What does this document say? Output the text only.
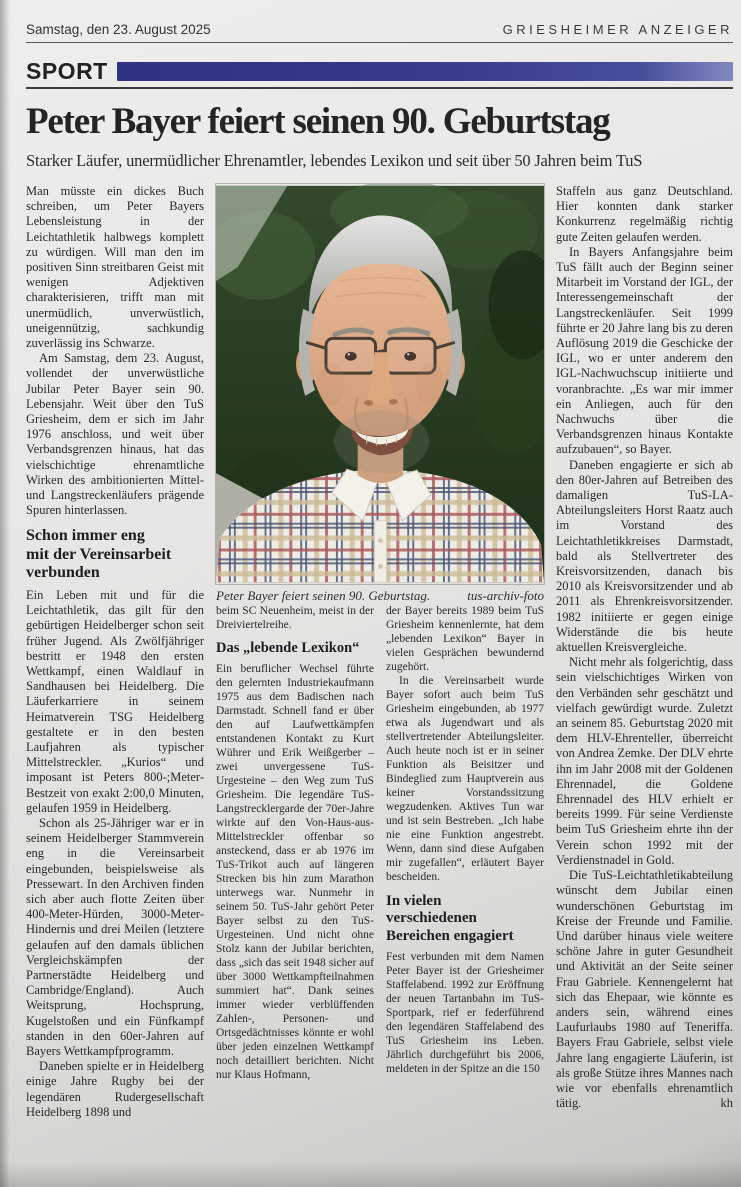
Samstag, den 23. August 2025	GRIESHEIMER ANZEIGER
SPORT
Peter Bayer feiert seinen 90. Geburtstag

Starker Läufer, unermüdlicher Ehrenamtler, lebendes Lexikon und seit über 50 Jahren beim TuS

Man müsste ein dickes Buch schreiben, um Peter Bayers Lebensleistung in der Leichtathletik halbwegs komplett zu würdigen. Will man den im positiven Sinn streitbaren Geist mit wenigen Adjektiven charakterisieren, trifft man mit unermüdlich, unverwüstlich, uneigennützig, sachkundig zuverlässig ins Schwarze.

Am Samstag, dem 23. August, vollendet der unverwüstliche Jubilar Peter Bayer sein 90. Lebensjahr. Weit über den TuS Griesheim, dem er sich im Jahr 1976 anschloss, und weit über Verbandsgrenzen hinaus, hat das vielschichtige ehrenamtliche Wirken des ambitionierten Mittel- und Langstreckenläufers prägende Spuren hinterlassen.

Schon immer eng
mit der Vereinsarbeit
verbunden

Ein Leben mit und für die Leichtathletik, das gilt für den gebürtigen Heidelberger schon seit früher Jugend. Als Zwölfjähriger bestritt er 1948 den ersten Wettkampf, einen Waldlauf in Sandhausen bei Heidelberg. Die Läuferkarriere in seinem Heimatverein TSG Heidelberg gestaltete er in den besten Laufjahren als typischer Mittelstreckler. „Kurios“ und imposant ist Peters 800-;Meter-Bestzeit von exakt 2:00,0 Minuten, gelaufen 1959 in Heidelberg.

Schon als 25-Jähriger war er in seinem Heidelberger Stammverein eng in die Vereinsarbeit eingebunden, beispielsweise als Pressewart. In den Archiven finden sich aber auch flotte Zeiten über 400-Meter-Hürden, 3000-Meter-Hindernis und drei Meilen (letztere gelaufen auf den damals üblichen Vergleichskämpfen der Partnerstädte Heidelberg und Cambridge/England). Auch Weitsprung, Hochsprung, Kugelstoßen und ein Fünfkampf standen in den 60er-Jahren auf Bayers Wettkampfprogramm.

Daneben spielte er in Heidelberg einige Jahre Rugby bei der legendären Rudergesellschaft Heidelberg 1898 und

Peter Bayer feiert seinen 90. Geburtstag.	tus-archiv-foto

beim SC Neuenheim, meist in der Dreiviertelreihe.

Das „lebende Lexikon“

Ein beruflicher Wechsel führte den gelernten Industriekaufmann 1975 aus dem Badischen nach Darmstadt. Schnell fand er über den auf Laufwettkämpfen entstandenen Kontakt zu Kurt Wührer und Erik Weißgerber – zwei unvergessene TuS-Urgesteine – den Weg zum TuS Griesheim. Die legendäre TuS-Langstrecklergarde der 70er-Jahre wirkte auf den Von-Haus-aus-Mittelstreckler offenbar so ansteckend, dass er ab 1976 im TuS-Trikot auch auf längeren Strecken bis hin zum Marathon unterwegs war. Nunmehr in seinem 50. TuS-Jahr gehört Peter Bayer selbst zu den TuS-Urgesteinen. Und nicht ohne Stolz kann der Jubilar berichten, dass „sich das seit 1948 sicher auf über 3000 Wettkampfteilnahmen summiert hat“. Dank seines immer wieder verblüffenden Zahlen-, Personen- und Ortsgedächtnisses könnte er wohl über jeden einzelnen Wettkampf noch detailliert berichten. Nicht nur Klaus Hofmann,

der Bayer bereits 1989 beim TuS Griesheim kennenlernte, hat dem „lebenden Lexikon“ Bayer in vielen Gesprächen bewundernd zugehört.

In die Vereinsarbeit wurde Bayer sofort auch beim TuS Griesheim eingebunden, ab 1977 etwa als Jugendwart und als stellvertretender Abteilungsleiter. Auch heute noch ist er in seiner Funktion als Beisitzer und Bindeglied zum Hauptverein aus keiner Vorstandssitzung wegzudenken. Aktives Tun war und ist sein Bestreben. „Ich habe nie eine Funktion angestrebt. Wenn, dann sind diese Aufgaben mir zugefallen“, erläutert Bayer bescheiden.

In vielen
verschiedenen
Bereichen engagiert

Fest verbunden mit dem Namen Peter Bayer ist der Griesheimer Staffelabend. 1992 zur Eröffnung der neuen Tartanbahn im TuS-Sportpark, rief er federführend den legendären Staffelabend des TuS Griesheim ins Leben. Jährlich durchgeführt bis 2006, meldeten in der Spitze an die 150

Staffeln aus ganz Deutschland. Hier konnten dank starker Konkurrenz regelmäßig richtig gute Zeiten gelaufen werden.

In Bayers Anfangsjahre beim TuS fällt auch der Beginn seiner Mitarbeit im Vorstand der IGL, der Interessengemeinschaft der Langstreckenläufer. Seit 1999 führte er 20 Jahre lang bis zu deren Auflösung 2019 die Geschicke der IGL, wo er unter anderem den IGL-Nachwuchscup initiierte und voranbrachte. „Es war mir immer ein Anliegen, auch für den Nachwuchs über die Verbandsgrenzen hinaus Kontakte aufzubauen“, so Bayer.

Daneben engagierte er sich ab den 80er-Jahren auf Betreiben des damaligen TuS-LA-Abteilungsleiters Horst Raatz auch im Vorstand des Leichtathletikkreises Darmstadt, bald als Stellvertreter des Kreisvorsitzenden, danach bis 2010 als Kreisvorsitzender und ab 2011 als Ehrenkreisvorsitzender. 1982 initiierte er gegen einige Widerstände die bis heute aktuellen Kreisvergleiche.

Nicht mehr als folgerichtig, dass sein vielschichtiges Wirken von den Verbänden sehr geschätzt und vielfach gewürdigt wurde. Zuletzt an seinem 85. Geburtstag 2020 mit dem HLV-Ehrenteller, überreicht von Andrea Zemke. Der DLV ehrte ihn im Jahr 2008 mit der Goldenen Ehrennadel, die Goldene Ehrennadel des HLV erhielt er bereits 1999. Für seine Verdienste beim TuS Griesheim ehrte ihn der Verein schon 1992 mit der Verdienstnadel in Gold.

Die TuS-Leichtathletikabteilung wünscht dem Jubilar einen wunderschönen Geburtstag im Kreise der Freunde und Familie. Und darüber hinaus viele weitere schöne Jahre in guter Gesundheit und Aktivität an der Seite seiner Frau Gabriele. Kennengelernt hat sich das Ehepaar, wie könnte es anders sein, während eines Laufurlaubs 1980 auf Teneriffa. Bayers Frau Gabriele, selbst viele Jahre lang engagierte Läuferin, ist als große Stütze ihres Mannes nach wie vor ebenfalls ehrenamtlich tätig.	kh
